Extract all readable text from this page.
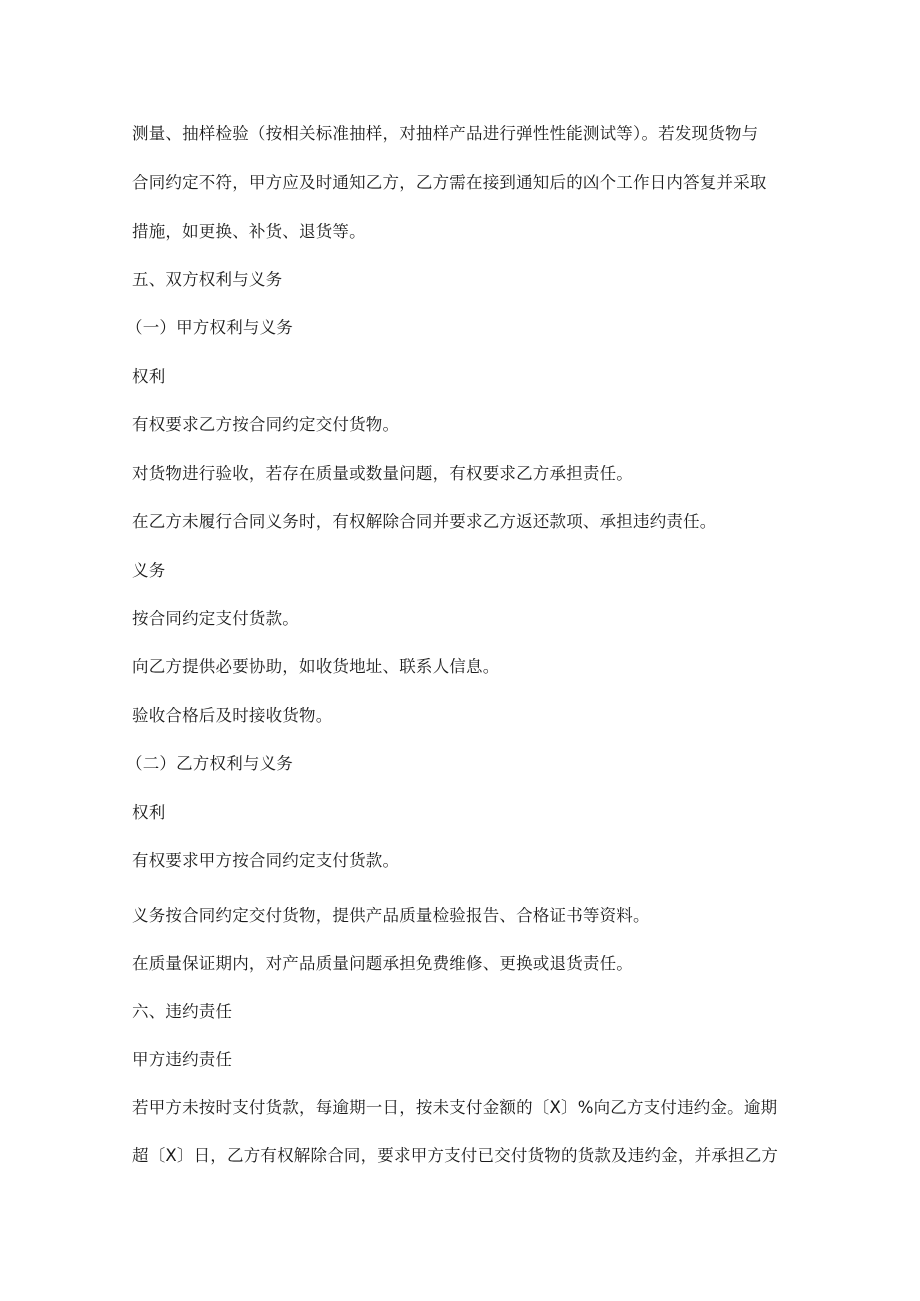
测量、抽样检验（按相关标准抽样，对抽样产品进行弹性性能测试等）。若发现货物与
合同约定不符，甲方应及时通知乙方，乙方需在接到通知后的凶个工作日内答复并采取
措施，如更换、补货、退货等。
五、双方权利与义务
（一）甲方权利与义务
权利
有权要求乙方按合同约定交付货物。
对货物进行验收，若存在质量或数量问题，有权要求乙方承担责任。
在乙方未履行合同义务时，有权解除合同并要求乙方返还款项、承担违约责任。
义务
按合同约定支付货款。
向乙方提供必要协助，如收货地址、联系人信息。
验收合格后及时接收货物。
（二）乙方权利与义务
权利
有权要求甲方按合同约定支付货款。
义务按合同约定交付货物，提供产品质量检验报告、合格证书等资料。
在质量保证期内，对产品质量问题承担免费维修、更换或退货责任。
六、违约责任
甲方违约责任
若甲方未按时支付货款，每逾期一日，按未支付金额的〔X〕%向乙方支付违约金。逾期
超〔X〕日，乙方有权解除合同，要求甲方支付已交付货物的货款及违约金，并承担乙方
